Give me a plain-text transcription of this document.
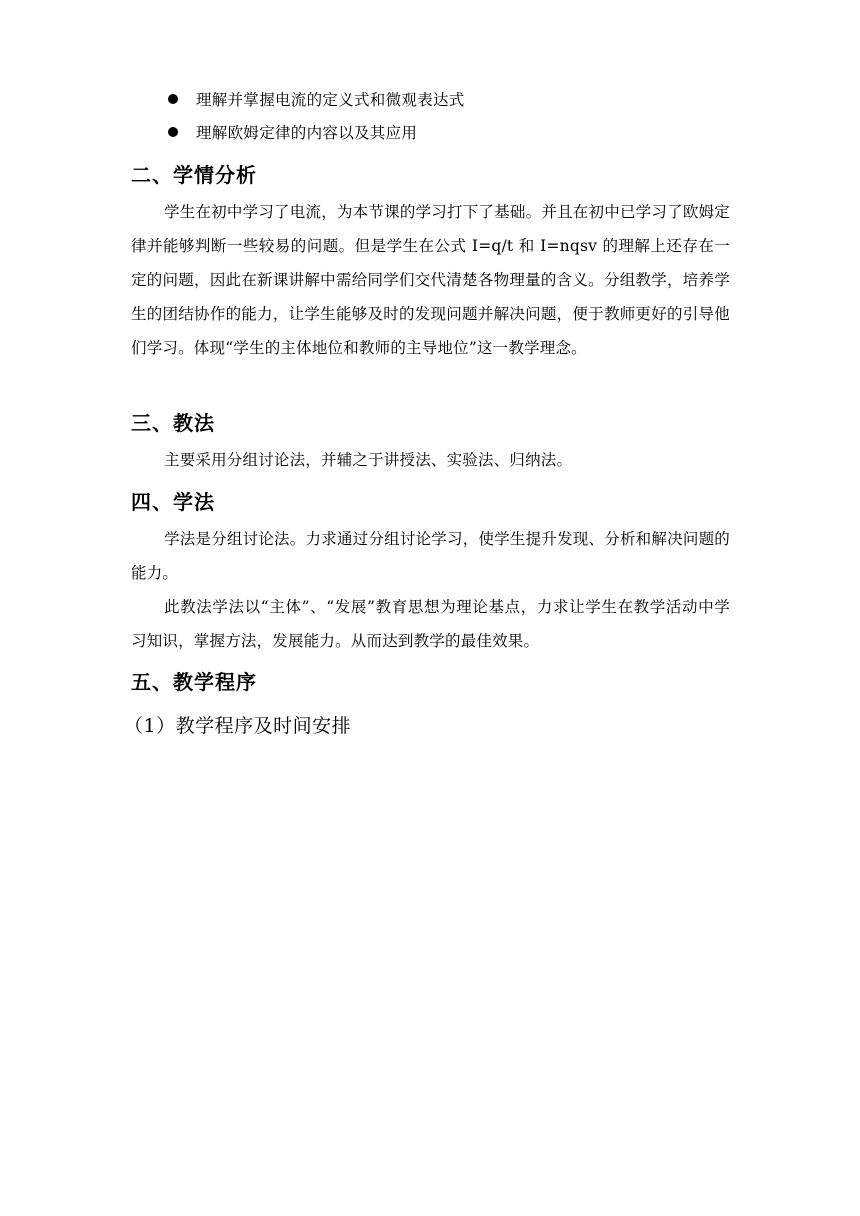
理解并掌握电流的定义式和微观表达式
理解欧姆定律的内容以及其应用
二、学情分析

学生在初中学习了电流，为本节课的学习打下了基础。并且在初中已学习了欧姆定律并能够判断一些较易的问题。但是学生在公式 I=q/t 和 I=nqsv 的理解上还存在一定的问题，因此在新课讲解中需给同学们交代清楚各物理量的含义。分组教学，培养学生的团结协作的能力，让学生能够及时的发现问题并解决问题，便于教师更好的引导他们学习。体现“学生的主体地位和教师的主导地位”这一教学理念。

三、教法

主要采用分组讨论法，并辅之于讲授法、实验法、归纳法。

四、学法

学法是分组讨论法。力求通过分组讨论学习，使学生提升发现、分析和解决问题的能力。

此教法学法以“主体”、“发展”教育思想为理论基点，力求让学生在教学活动中学习知识，掌握方法，发展能力。从而达到教学的最佳效果。

五、教学程序
（1）教学程序及时间安排
